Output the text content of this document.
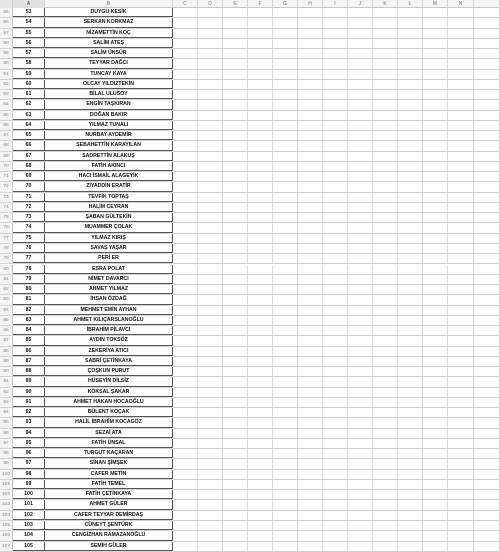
A	B	C	D	E	F	G	H	I	J	K	L	M	N
55	53	DUYGU KESİK
56	54	SERKAN KORKMAZ
57	55	NİZAMETTİN KOÇ
58	56	SALİM ATEŞ
59	57	SALİM ÜNSÜR
60	58	TEYYAR DAĞCI
61	59	TUNCAY KAYA
62	60	OLCAY YILDIZTEKİN
63	61	BİLAL ULUSOY
64	62	ENGİN TAŞKIRAN
65	63	DOĞAN BAKIR
66	64	YILMAZ TUNALI
67	65	NURBAY AYDEMİR
68	66	SEBAHETTİN KARAYILAN
69	67	SADRETTİN ALAKUŞ
70	68	FATİH AKINCI
71	69	HACI İSMAİL ALAGEYİK
72	70	ZİYADDİN ERATİR
73	71	TEVFİK TOPTAŞ
74	72	HALİM CEYRAN
75	73	ŞABAN GÜLTEKİN
76	74	MUAMMER ÇOLAK
77	75	YILMAZ KIRIŞ
78	76	SAVAŞ YAŞAR
79	77	PERİ ER
80	78	ESRA POLAT
81	79	NİMET DAVARCI
82	80	AHMET YILMAZ
83	81	İHSAN ÖZDAĞ
84	82	MEHMET EMİN AYHAN
85	83	AHMET KILIÇARSLANOĞLU
86	84	İBRAHİM PİLAVCI
87	85	AYDIN TOKSÖZ
88	86	ZEKERİYA ATICI
89	87	SABRİ ÇETİNKAYA
90	88	ÇOŞKUN PURUT
91	89	HÜSEYİN DİLSİZ
92	90	KÖKSAL ŞAKAR
93	91	AHMET HAKAN HOCAOĞLU
94	92	BÜLENT KOÇAK
95	93	HALİL İBRAHİM KOCAGÖZ
96	94	SEZAİ ATA
97	95	FATİH ÜNSAL
98	96	TURGUT KAÇARAN
99	97	SİNAN ŞİMŞEK
100	98	CAFER METİN
101	99	FATİH TEMEL
102	100	FATİH ÇETİNKAYA
103	101	AHMET GÜLER
104	102	CAFER TEYYAR DEMİRDAŞ
105	103	CÜNEYT ŞENTÜRK
106	104	CENGİZHAN RAMAZANOĞLU
107	105	SEMİH GÜLER
